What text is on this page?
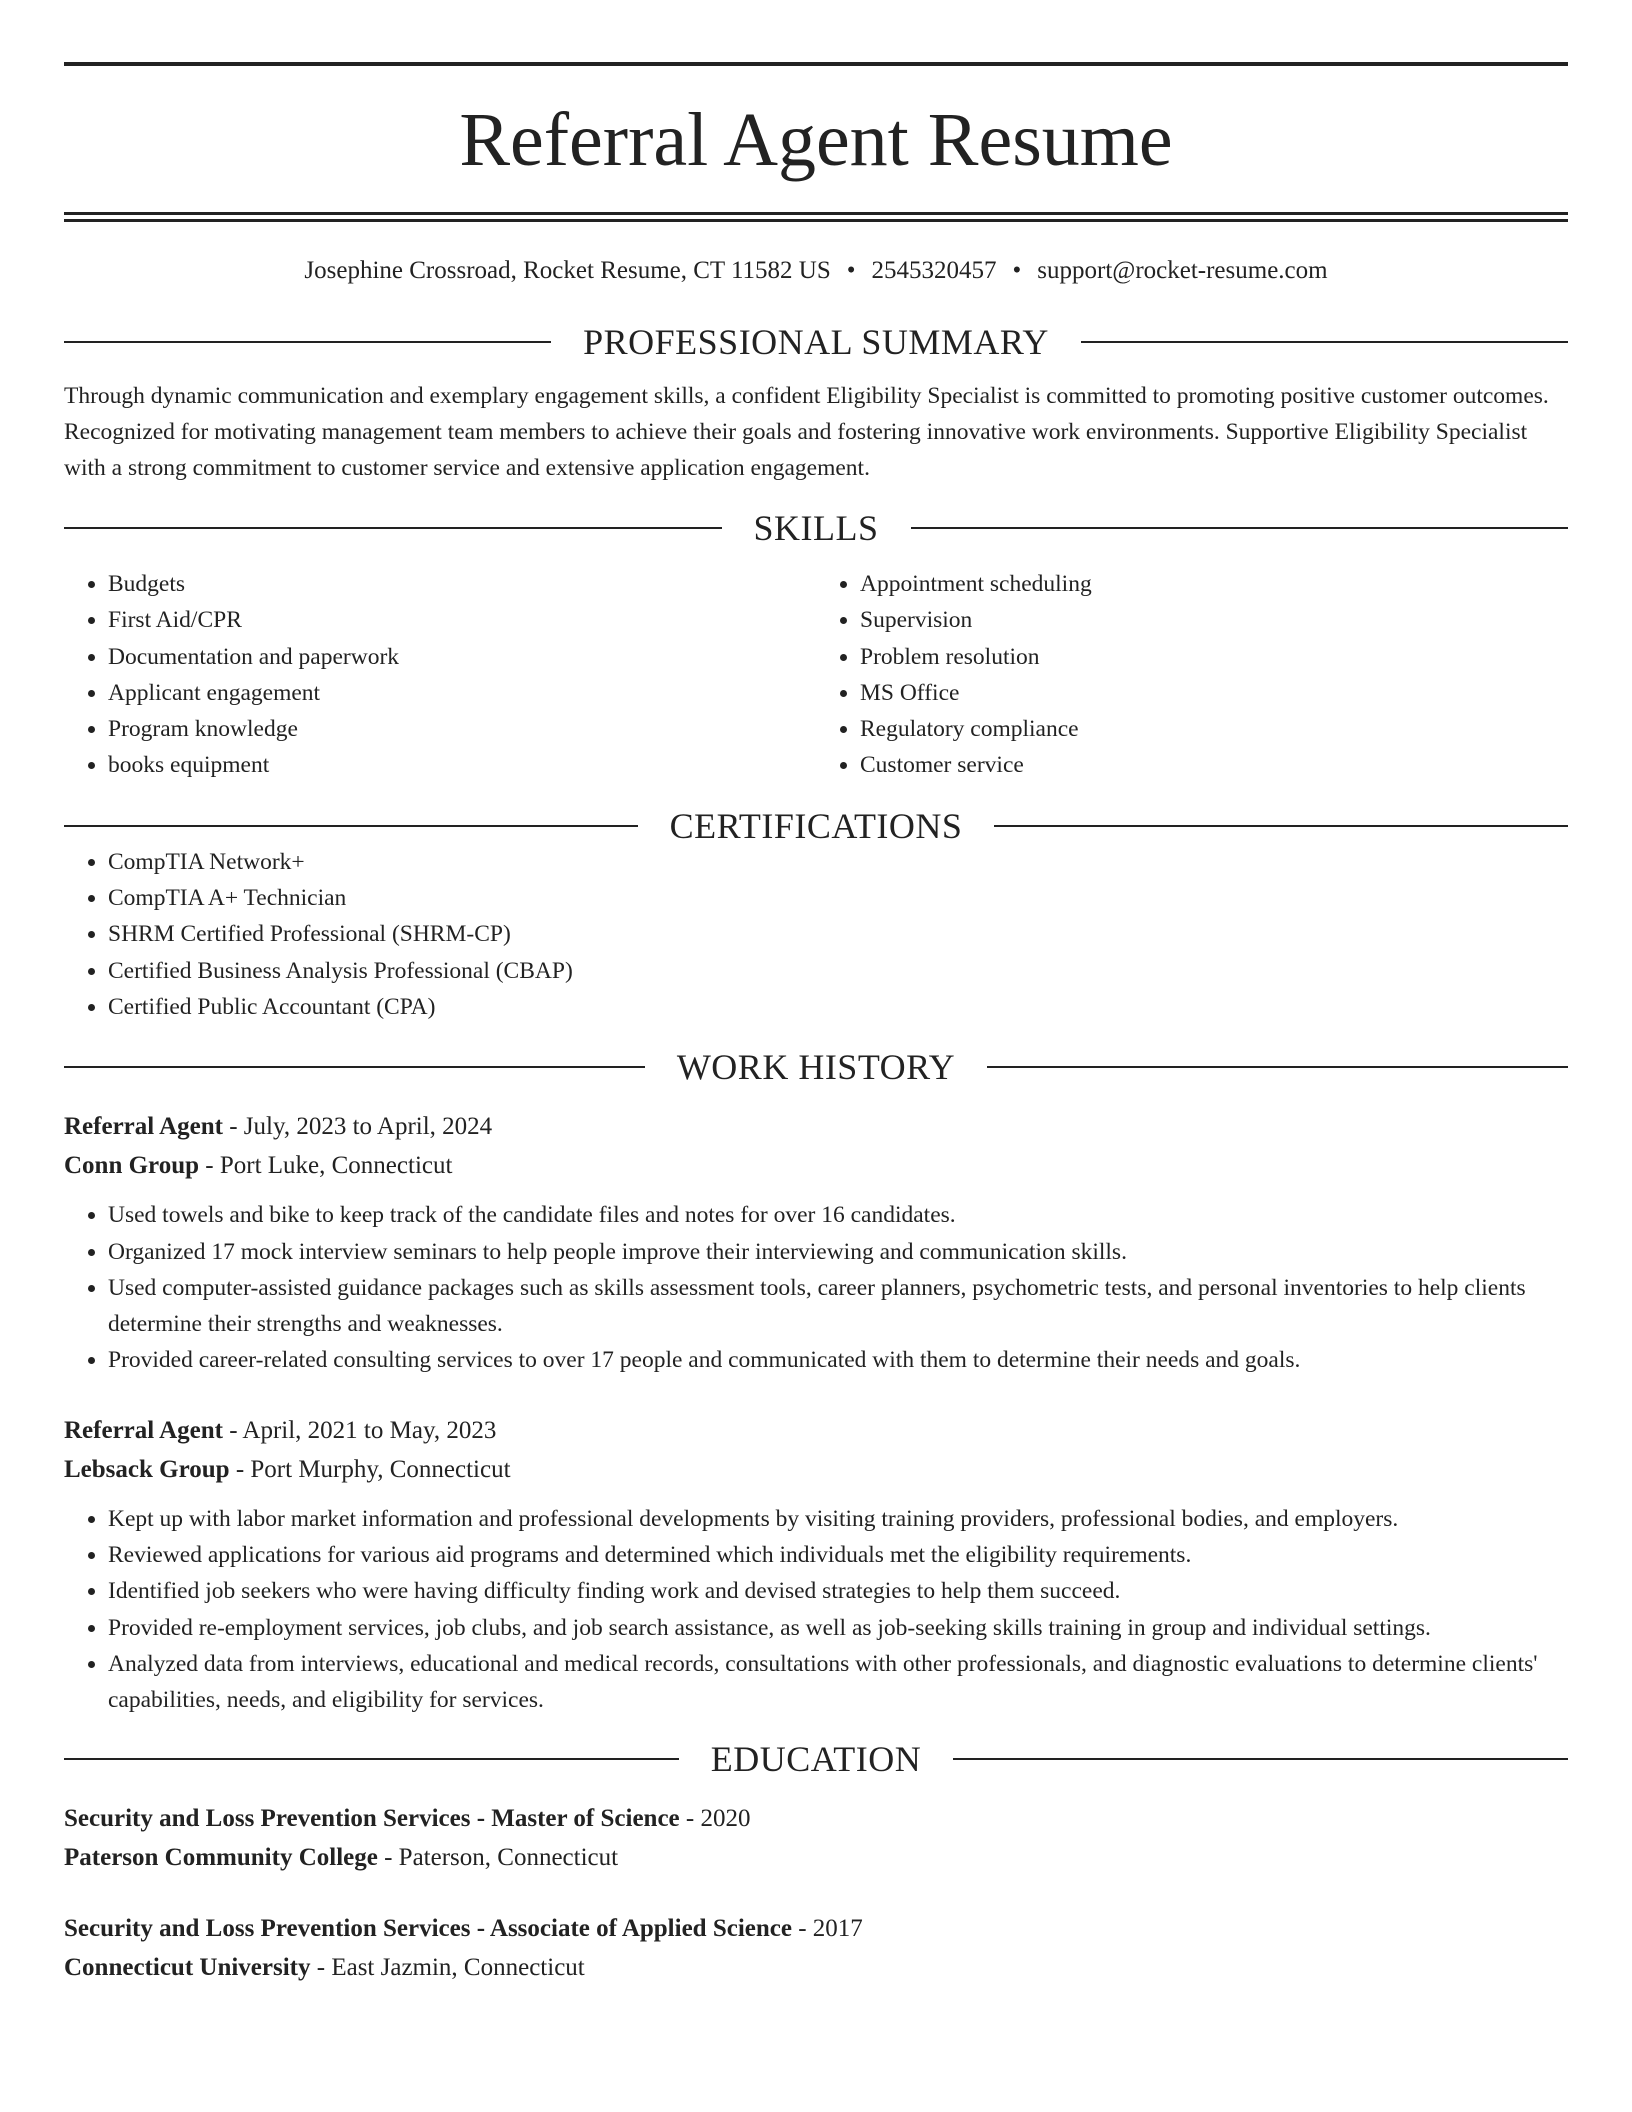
Referral Agent Resume
Josephine Crossroad, Rocket Resume, CT 11582 US • 2545320457 • support@rocket-resume.com
PROFESSIONAL SUMMARY

Through dynamic communication and exemplary engagement skills, a confident Eligibility Specialist is committed to promoting positive customer outcomes. Recognized for motivating management team members to achieve their goals and fostering innovative work environments. Supportive Eligibility Specialist with a strong commitment to customer service and extensive application engagement.

SKILLS
• Budgets
• First Aid/CPR
• Documentation and paperwork
• Applicant engagement
• Program knowledge
• books equipment
• Appointment scheduling
• Supervision
• Problem resolution
• MS Office
• Regulatory compliance
• Customer service
CERTIFICATIONS
• CompTIA Network+
• CompTIA A+ Technician
• SHRM Certified Professional (SHRM-CP)
• Certified Business Analysis Professional (CBAP)
• Certified Public Accountant (CPA)
WORK HISTORY
Referral Agent - July, 2023 to April, 2024
Conn Group - Port Luke, Connecticut
• Used towels and bike to keep track of the candidate files and notes for over 16 candidates.
• Organized 17 mock interview seminars to help people improve their interviewing and communication skills.
• Used computer-assisted guidance packages such as skills assessment tools, career planners, psychometric tests, and personal inventories to help clients determine their strengths and weaknesses.
• Provided career-related consulting services to over 17 people and communicated with them to determine their needs and goals.
Referral Agent - April, 2021 to May, 2023
Lebsack Group - Port Murphy, Connecticut
• Kept up with labor market information and professional developments by visiting training providers, professional bodies, and employers.
• Reviewed applications for various aid programs and determined which individuals met the eligibility requirements.
• Identified job seekers who were having difficulty finding work and devised strategies to help them succeed.
• Provided re-employment services, job clubs, and job search assistance, as well as job-seeking skills training in group and individual settings.
• Analyzed data from interviews, educational and medical records, consultations with other professionals, and diagnostic evaluations to determine clients' capabilities, needs, and eligibility for services.
EDUCATION
Security and Loss Prevention Services - Master of Science - 2020
Paterson Community College - Paterson, Connecticut
Security and Loss Prevention Services - Associate of Applied Science - 2017
Connecticut University - East Jazmin, Connecticut
